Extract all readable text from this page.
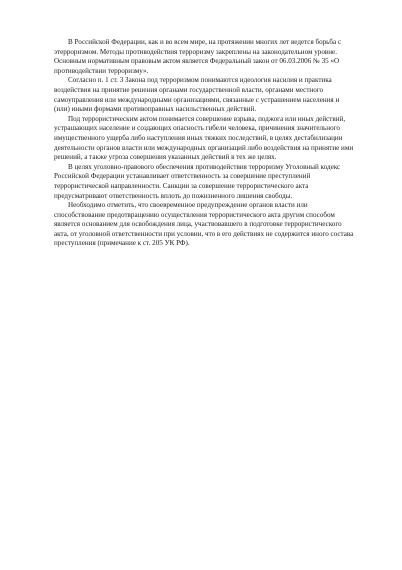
В Российской Федерации, как и во всем мире, на протяжении многих лет ведется борьба с этерроризмом. Методы противодействия терроризму закреплены на законодательном уровне. Основным нормативным правовым актом является Федеральный закон от 06.03.2006 № 35 «О противодействии терроризму».

Согласно п. 1 ст. 3 Закона под терроризмом понимаются идеология насилия и практика воздействия на принятие решения органами государственной власти, органами местного самоуправления или международными организациями, связанные с устрашением населения и (или) иными формами противоправных насильственных действий.

Под террористическим актом понимается совершение взрыва, поджога или иных действий, устрашающих население и создающих опасность гибели человека, причинения значительного имущественного ущерба либо наступления иных тяжких последствий, в целях дестабилизации деятельности органов власти или международных организаций либо воздействия на принятие ими решений, а также угроза совершения указанных действий в тех же целях.

В целях уголовно-правового обеспечения противодействия терроризму Уголовный кодекс Российской Федерации устанавливает ответственность за совершение преступлений террористической направленности. Санкции за совершение террористического акта предусматривают ответственность вплоть до пожизненного лишения свободы.

Необходимо отметить, что своевременное предупреждение органов власти или способствование предотвращению осуществления террористического акта другим способом является основанием для освобождения лица, участвовавшего в подготовке террористического акта, от уголовной ответственности при условии, что в его действиях не содержится иного состава преступления (примечание к ст. 205 УК РФ).
